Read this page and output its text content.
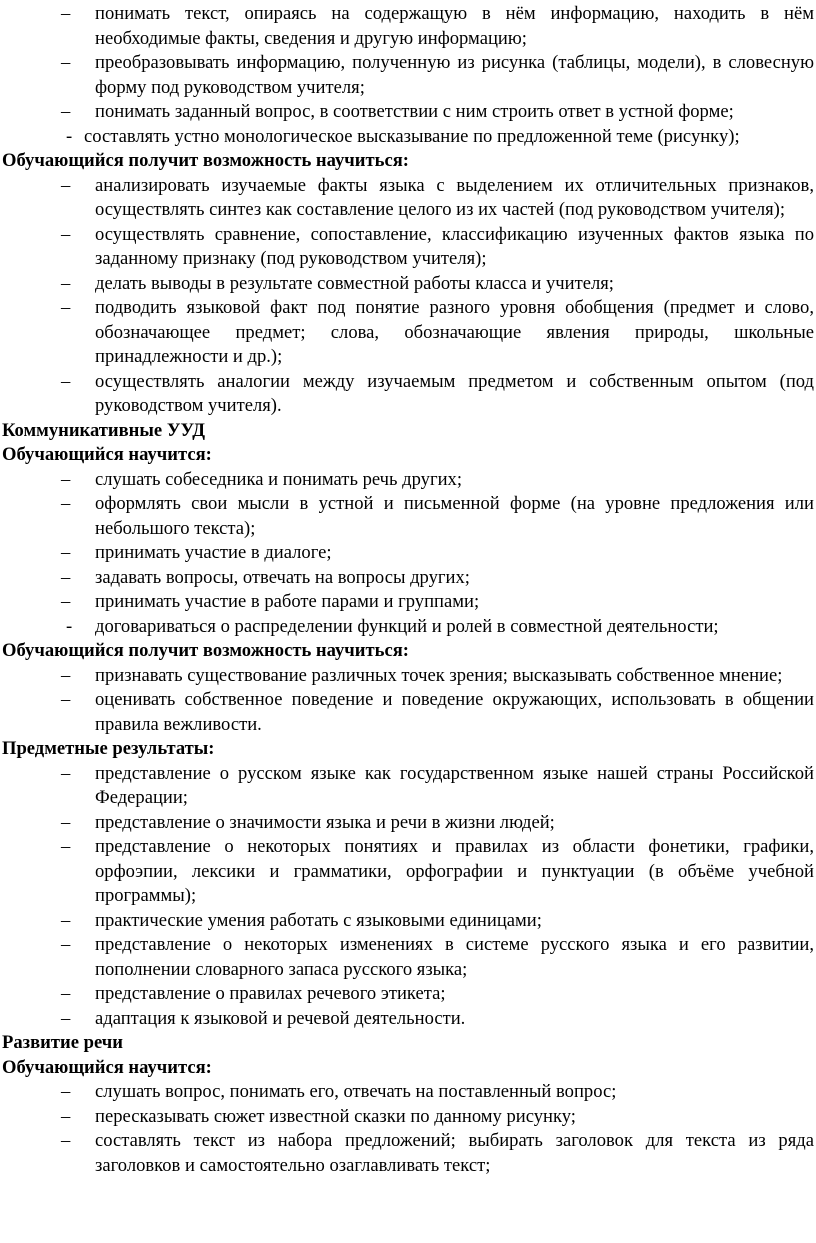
– понимать текст, опираясь на содержащую в нём информацию, находить в нём необходимые факты, сведения и другую информацию;

– преобразовывать информацию, полученную из рисунка (таблицы, модели), в словесную форму под руководством учителя;

– понимать заданный вопрос, в соответствии с ним строить ответ в устной форме;

- составлять устно монологическое высказывание по предложенной теме (рисунку);

Обучающийся получит возможность научиться:

– анализировать изучаемые факты языка с выделением их отличительных признаков, осуществлять синтез как составление целого из их частей (под руководством учителя);

– осуществлять сравнение, сопоставление, классификацию изученных фактов языка по заданному признаку (под руководством учителя);

– делать выводы в результате совместной работы класса и учителя;

– подводить языковой факт под понятие разного уровня обобщения (предмет и слово, обозначающее предмет; слова, обозначающие явления природы, школьные принадлежности и др.);

– осуществлять аналогии между изучаемым предметом и собственным опытом (под руководством учителя).

Коммуникативные УУД

Обучающийся научится:

– слушать собеседника и понимать речь других;

– оформлять свои мысли в устной и письменной форме (на уровне предложения или небольшого текста);

– принимать участие в диалоге;

– задавать вопросы, отвечать на вопросы других;

– принимать участие в работе парами и группами;

- договариваться о распределении функций и ролей в совместной деятельности;

Обучающийся получит возможность научиться:

– признавать существование различных точек зрения; высказывать собственное мнение;

– оценивать собственное поведение и поведение окружающих, использовать в общении правила вежливости.

Предметные результаты:

– представление о русском языке как государственном языке нашей страны Российской Федерации;

– представление о значимости языка и речи в жизни людей;

– представление о некоторых понятиях и правилах из области фонетики, графики, орфоэпии, лексики и грамматики, орфографии и пунктуации (в объёме учебной программы);

– практические умения работать с языковыми единицами;

– представление о некоторых изменениях в системе русского языка и его развитии, пополнении словарного запаса русского языка;

– представление о правилах речевого этикета;

– адаптация к языковой и речевой деятельности.

Развитие речи

Обучающийся научится:

– слушать вопрос, понимать его, отвечать на поставленный вопрос;

– пересказывать сюжет известной сказки по данному рисунку;

– составлять текст из набора предложений; выбирать заголовок для текста из ряда заголовков и самостоятельно озаглавливать текст;
